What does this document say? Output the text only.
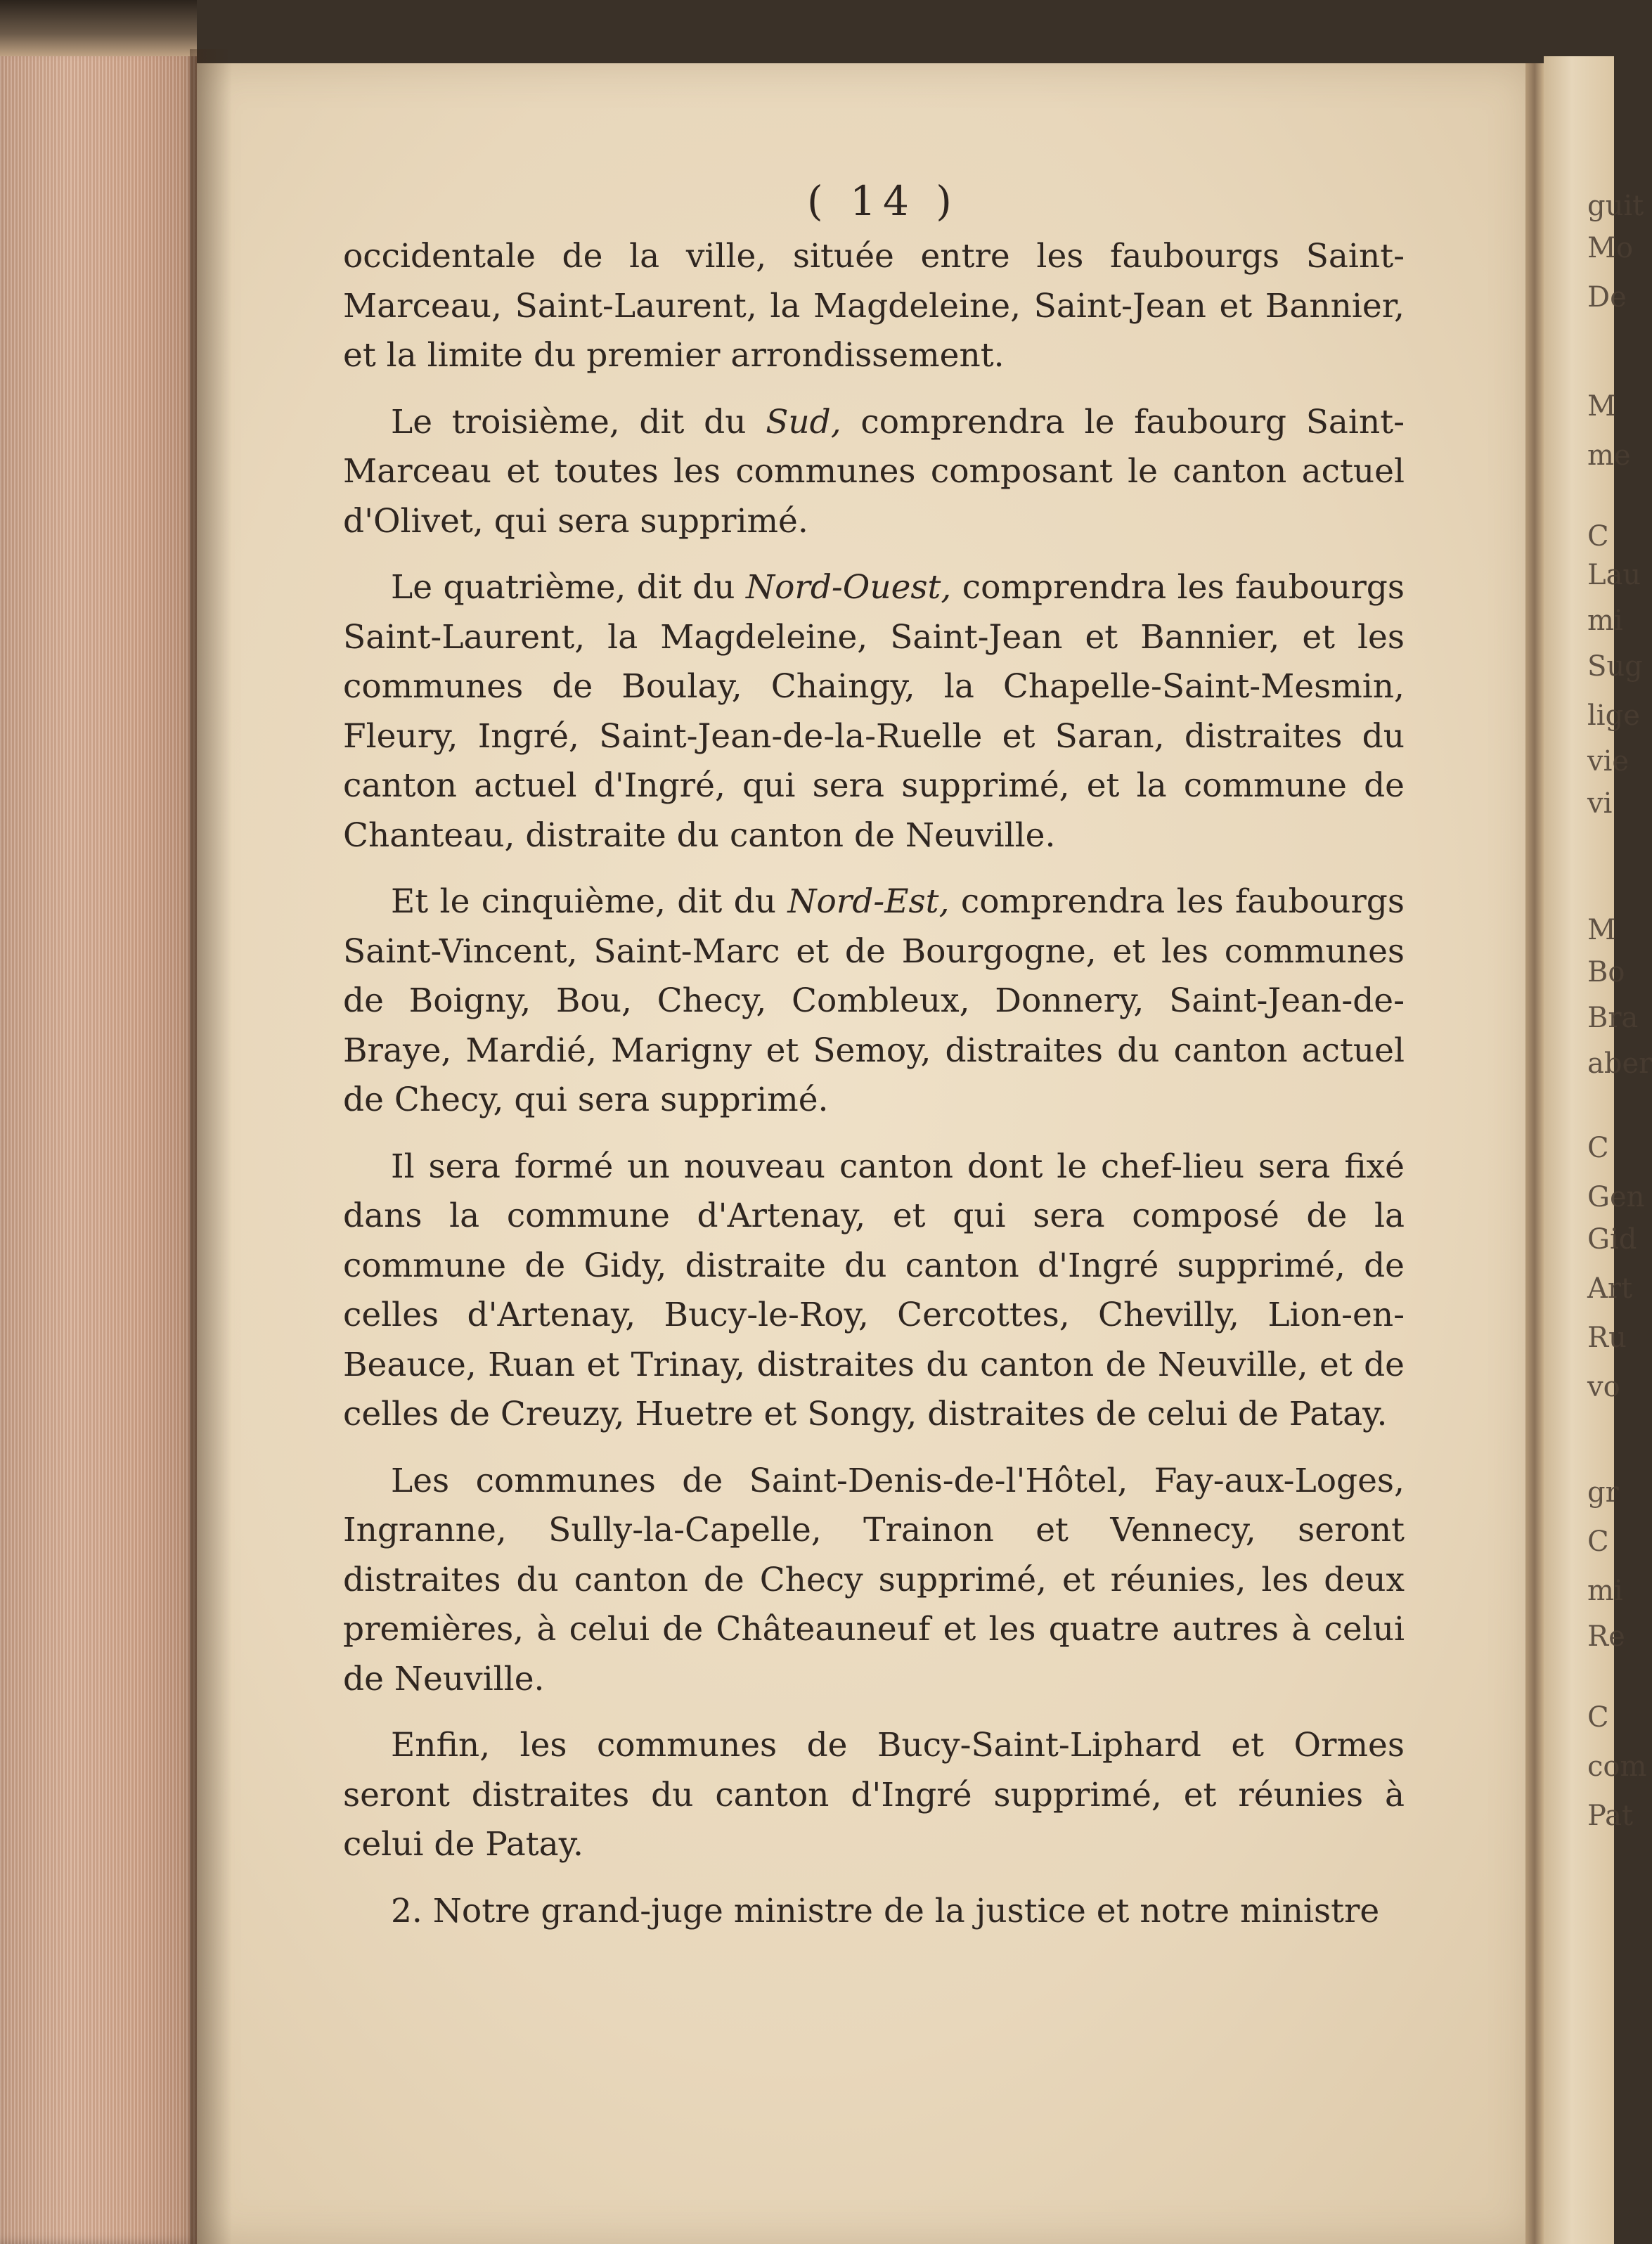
guit
Mo
De
M
me
C
Lau
mi
Sug
lige
vie
vi
M
Bo
Bra
aber
C
Gen
Gid
Art
Ru
vo
gr
C
mi
Re
C
com
Pat
( 14 )

occidentale de la ville, située entre les faubourgs Saint-Marceau, Saint-Laurent, la Magdeleine, Saint-Jean et Bannier, et la limite du premier arrondissement.

Le troisième, dit du Sud, comprendra le faubourg Saint-Marceau et toutes les communes composant le canton actuel d'Olivet, qui sera supprimé.

Le quatrième, dit du Nord-Ouest, comprendra les faubourgs Saint-Laurent, la Magdeleine, Saint-Jean et Bannier, et les communes de Boulay, Chaingy, la Chapelle-Saint-Mesmin, Fleury, Ingré, Saint-Jean-de-la-Ruelle et Saran, distraites du canton actuel d'Ingré, qui sera supprimé, et la commune de Chanteau, distraite du canton de Neuville.

Et le cinquième, dit du Nord-Est, comprendra les faubourgs Saint-Vincent, Saint-Marc et de Bourgogne, et les communes de Boigny, Bou, Checy, Combleux, Donnery, Saint-Jean-de-Braye, Mardié, Marigny et Semoy, distraites du canton actuel de Checy, qui sera supprimé.

Il sera formé un nouveau canton dont le chef-lieu sera fixé dans la commune d'Artenay, et qui sera composé de la commune de Gidy, distraite du canton d'Ingré supprimé, de celles d'Artenay, Bucy-le-Roy, Cercottes, Chevilly, Lion-en-Beauce, Ruan et Trinay, distraites du canton de Neuville, et de celles de Creuzy, Huetre et Songy, distraites de celui de Patay.

Les communes de Saint-Denis-de-l'Hôtel, Fay-aux-Loges, Ingranne, Sully-la-Capelle, Trainon et Vennecy, seront distraites du canton de Checy supprimé, et réunies, les deux premières, à celui de Châteauneuf et les quatre autres à celui de Neuville.

Enfin, les communes de Bucy-Saint-Liphard et Ormes seront distraites du canton d'Ingré supprimé, et réunies à celui de Patay.

2. Notre grand-juge ministre de la justice et notre ministre
